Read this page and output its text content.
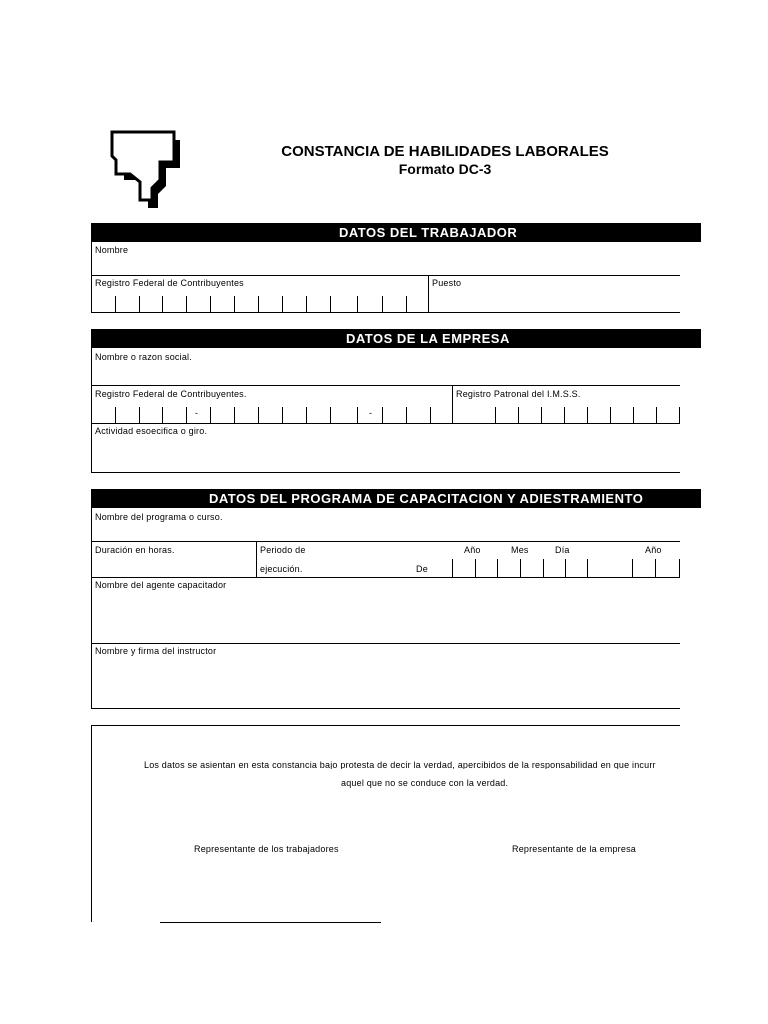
CONSTANCIA DE HABILIDADES LABORALES
Formato DC-3
DATOS DEL TRABAJADOR
Nombre
Registro Federal de Contribuyentes	Puesto
DATOS DE LA EMPRESA
Nombre o razon social.
Registro Federal de Contribuyentes.	Registro Patronal del I.M.S.S.
-	-
Actividad esoecifica o giro.
DATOS DEL PROGRAMA DE CAPACITACION Y ADIESTRAMIENTO
Nombre del programa o curso.
Duración en horas.	Periodo de
ejecución.	De
Año	Mes	Día	Año
Nombre del agente capacitador
Nombre y firma del instructor
Los datos se asientan en esta constancia bajo protesta de decir la verdad, apercibidos de la responsabilidad en que incurr
aquel que no se conduce con la verdad.
Representante de los trabajadores	Representante de la empresa
